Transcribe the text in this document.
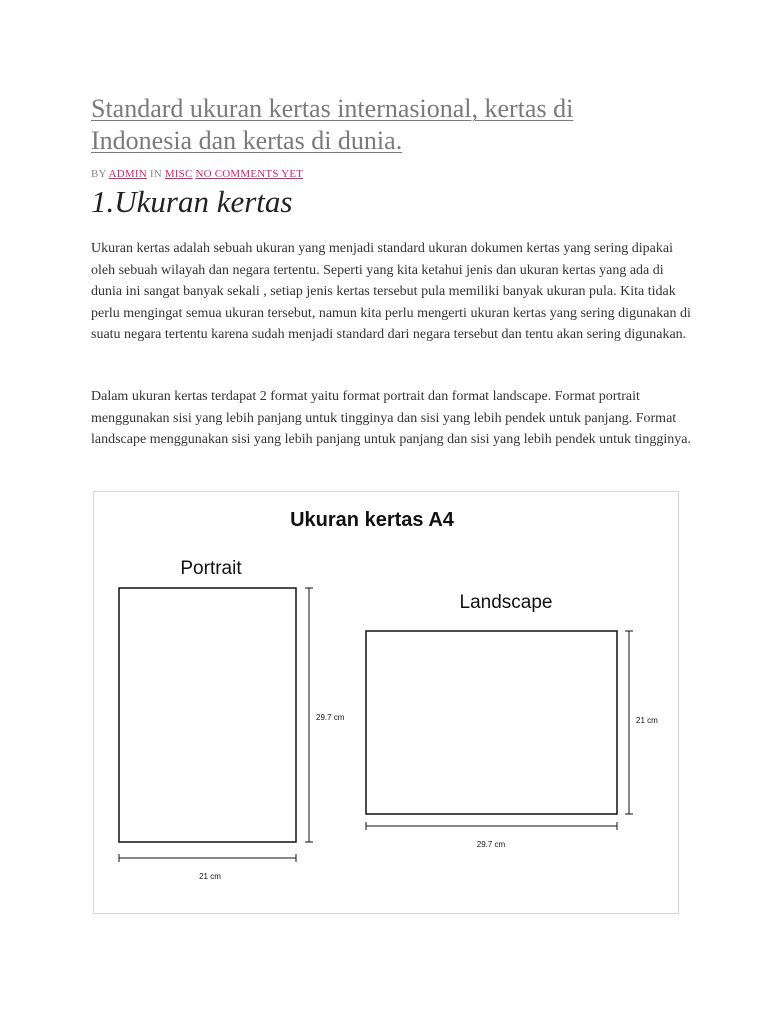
Standard ukuran kertas internasional, kertas di Indonesia dan kertas di dunia.
BY ADMIN IN MISC NO COMMENTS YET
1.Ukuran kertas

Ukuran kertas adalah sebuah ukuran yang menjadi standard ukuran dokumen kertas yang sering dipakai oleh sebuah wilayah dan negara tertentu. Seperti yang kita ketahui jenis dan ukuran kertas yang ada di dunia ini sangat banyak sekali , setiap jenis kertas tersebut pula memiliki banyak ukuran pula. Kita tidak perlu mengingat semua ukuran tersebut, namun kita perlu mengerti ukuran kertas yang sering digunakan di suatu negara tertentu karena sudah menjadi standard dari negara tersebut dan tentu akan sering digunakan.

Dalam ukuran kertas terdapat 2 format yaitu format portrait dan format landscape. Format portrait menggunakan sisi yang lebih panjang untuk tingginya dan sisi yang lebih pendek untuk panjang. Format landscape menggunakan sisi yang lebih panjang untuk panjang dan sisi yang lebih pendek untuk tingginya.

Ukuran kertas A4
Portrait
29.7 cm
21 cm
Landscape
21 cm
29.7 cm
